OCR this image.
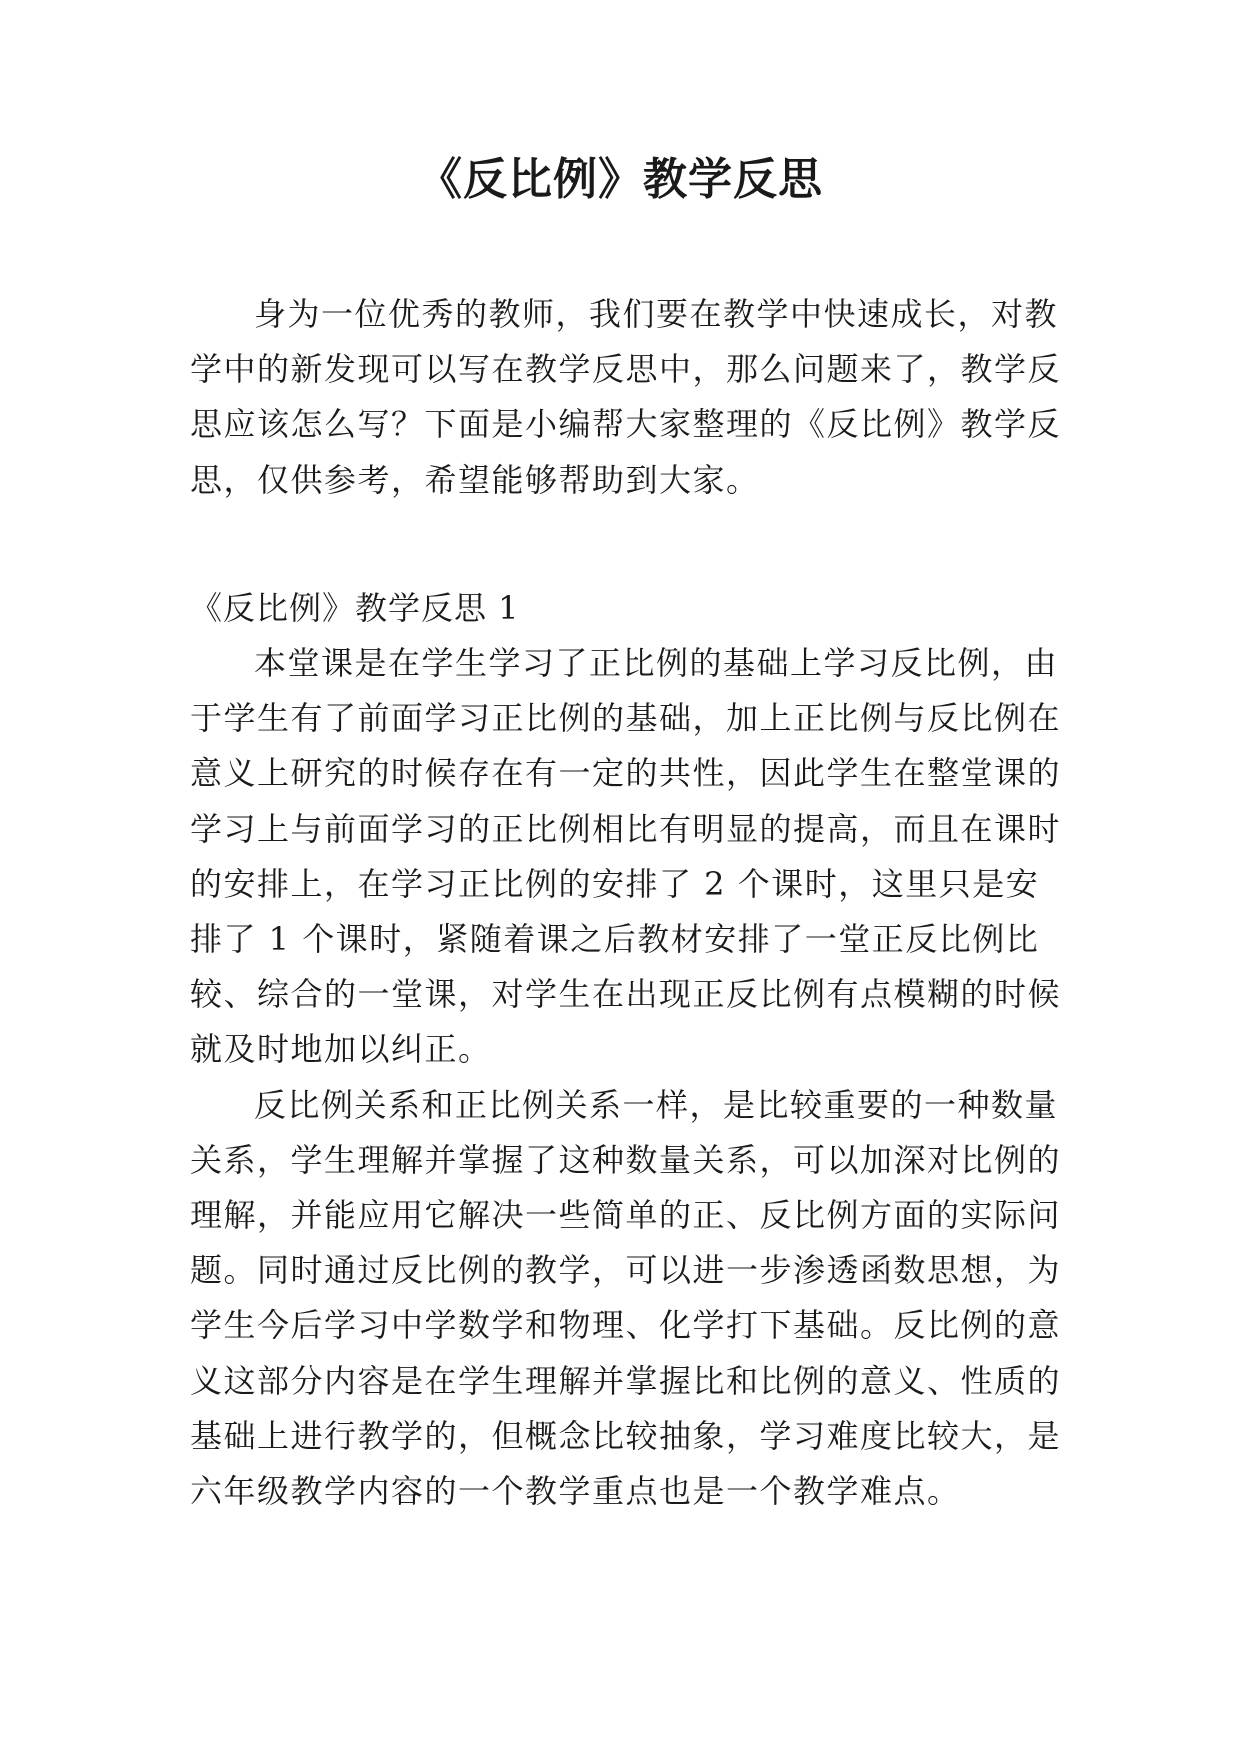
《反比例》教学反思
身为一位优秀的教师，我们要在教学中快速成长，对教学中的新发现可以写在教学反思中，那么问题来了，教学反思应该怎么写？下面是小编帮大家整理的《反比例》教学反思，仅供参考，希望能够帮助到大家。
《反比例》教学反思 1

本堂课是在学生学习了正比例的基础上学习反比例，由于学生有了前面学习正比例的基础，加上正比例与反比例在意义上研究的时候存在有一定的共性，因此学生在整堂课的学习上与前面学习的正比例相比有明显的提高，而且在课时的安排上，在学习正比例的安排了 2 个课时，这里只是安排了 1 个课时，紧随着课之后教材安排了一堂正反比例比较、综合的一堂课，对学生在出现正反比例有点模糊的时候就及时地加以纠正。

反比例关系和正比例关系一样，是比较重要的一种数量关系，学生理解并掌握了这种数量关系，可以加深对比例的理解，并能应用它解决一些简单的正、反比例方面的实际问题。同时通过反比例的教学，可以进一步渗透函数思想，为学生今后学习中学数学和物理、化学打下基础。反比例的意义这部分内容是在学生理解并掌握比和比例的意义、性质的基础上进行教学的，但概念比较抽象，学习难度比较大，是六年级教学内容的一个教学重点也是一个教学难点。
